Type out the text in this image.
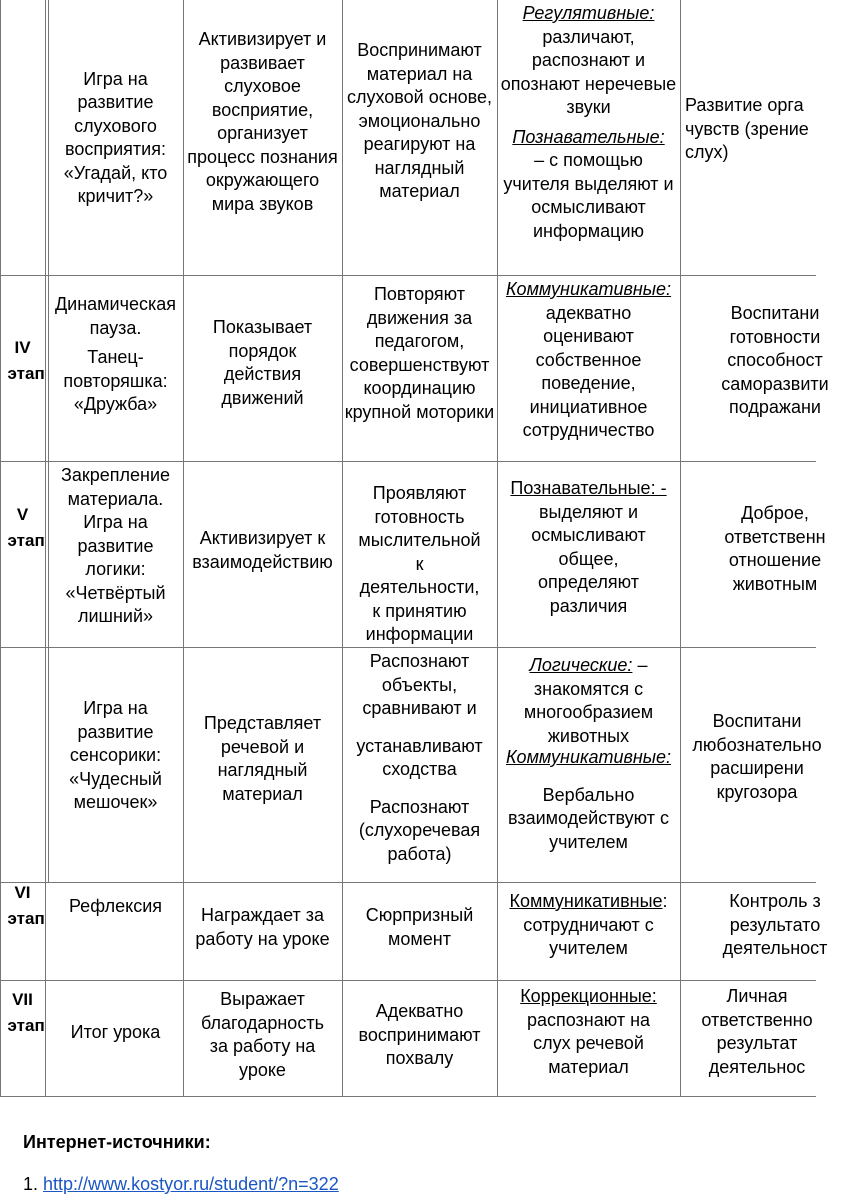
Игра на развитие слухового восприятия: «Угадай, кто кричит?»

Активизирует и развивает слуховое восприятие, организует процесс познания окружающего мира звуков

Воспринимают материал на слуховой основе, эмоционально реагируют на наглядный материал

Регулятивные:
различают, распознают и опознают неречевые звуки

Познавательные:
– с помощью учителя выделяют и осмысливают информацию

Развитие орга чувств (зрение слух)

IV этап

Динамическая пауза.

Танец-повторяшка: «Дружба»

Показывает порядок действия движений

Повторяют движения за педагогом, совершенствуют координацию крупной моторики

Коммуникативные:
адекватно оценивают собственное поведение, инициативное сотрудничество

Воспитани готовности способност саморазвити подражани

V этап

Закрепление материала. Игра на развитие логики: «Четвёртый лишний»

Активизирует к взаимодействию

Проявляют готовность мыслительной к деятельности, к принятию информации

Познавательные: -
выделяют и осмысливают общее, определяют различия

Доброе, ответственн отношение животным

Игра на развитие сенсорики: «Чудесный мешочек»

Представляет речевой и наглядный материал

Распознают объекты, сравнивают и

устанавливают сходства

Распознают (слухоречевая работа)

Логические: – знакомятся с многообразием животных

Коммуникативные:

Вербально взаимодействуют с учителем

Воспитани любознательно расширени кругозора

VI этап

Рефлексия	Награждает за работу на уроке

Сюрпризный момент

Коммуникативные: сотрудничают с учителем

Контроль з результато деятельност

VII этап Итог урока

Выражает благодарность за работу на уроке

Адекватно воспринимают похвалу

Коррекционные:
распознают на слух речевой материал

Личная ответственно результат деятельнос

Интернет-источники:
1. http://www.kostyor.ru/student/?n=322
